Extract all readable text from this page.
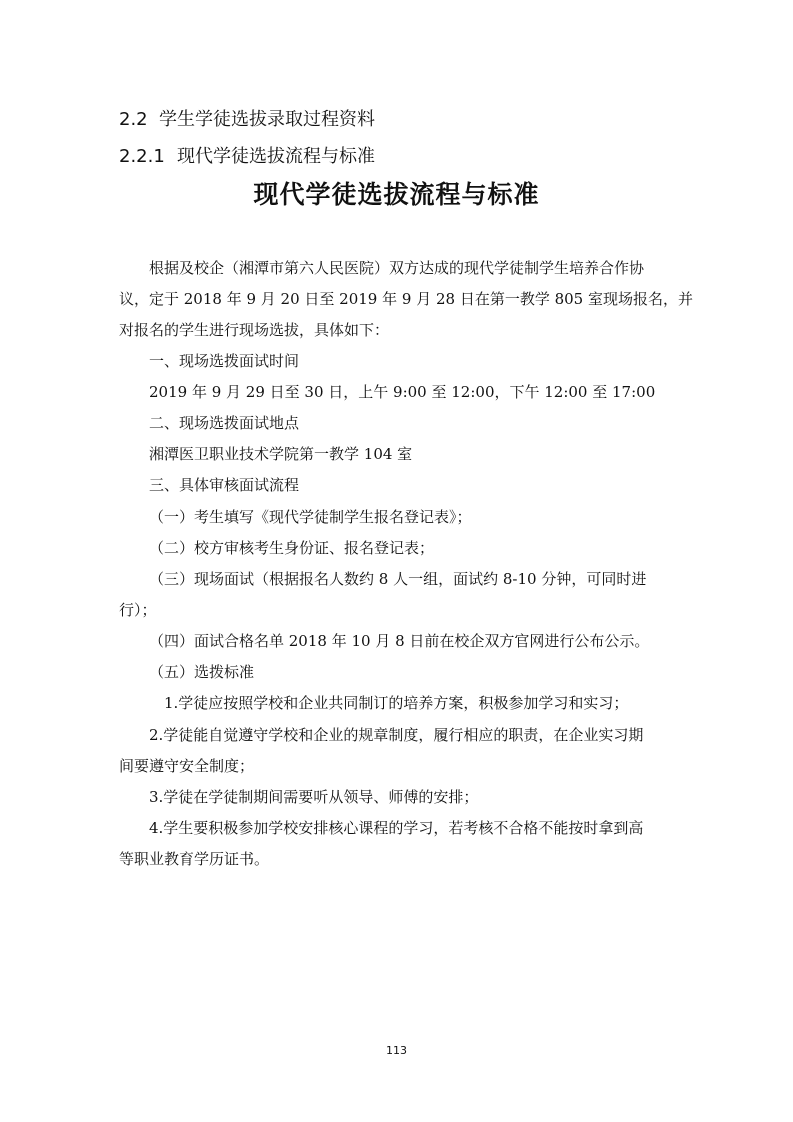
2.2 学生学徒选拔录取过程资料
2.2.1 现代学徒选拔流程与标准
现代学徒选拔流程与标准
根据及校企（湘潭市第六人民医院）双方达成的现代学徒制学生培养合作协
议，定于 2018 年 9 月 20 日至 2019 年 9 月 28 日在第一教学 805 室现场报名，并
对报名的学生进行现场选拔，具体如下：
一、现场选拨面试时间
2019 年 9 月 29 日至 30 日，上午 9:00 至 12:00，下午 12:00 至 17:00
二、现场选拨面试地点
湘潭医卫职业技术学院第一教学 104 室
三、具体审核面试流程
（一）考生填写《现代学徒制学生报名登记表》；
（二）校方审核考生身份证、报名登记表；
（三）现场面试（根据报名人数约 8 人一组，面试约 8-10 分钟，可同时进
行）；
（四）面试合格名单 2018 年 10 月 8 日前在校企双方官网进行公布公示。
（五）选拨标准
1.学徒应按照学校和企业共同制订的培养方案，积极参加学习和实习；
2.学徒能自觉遵守学校和企业的规章制度，履行相应的职责，在企业实习期
间要遵守安全制度；
3.学徒在学徒制期间需要听从领导、师傅的安排；
4.学生要积极参加学校安排核心课程的学习，若考核不合格不能按时拿到高
等职业教育学历证书。
113
